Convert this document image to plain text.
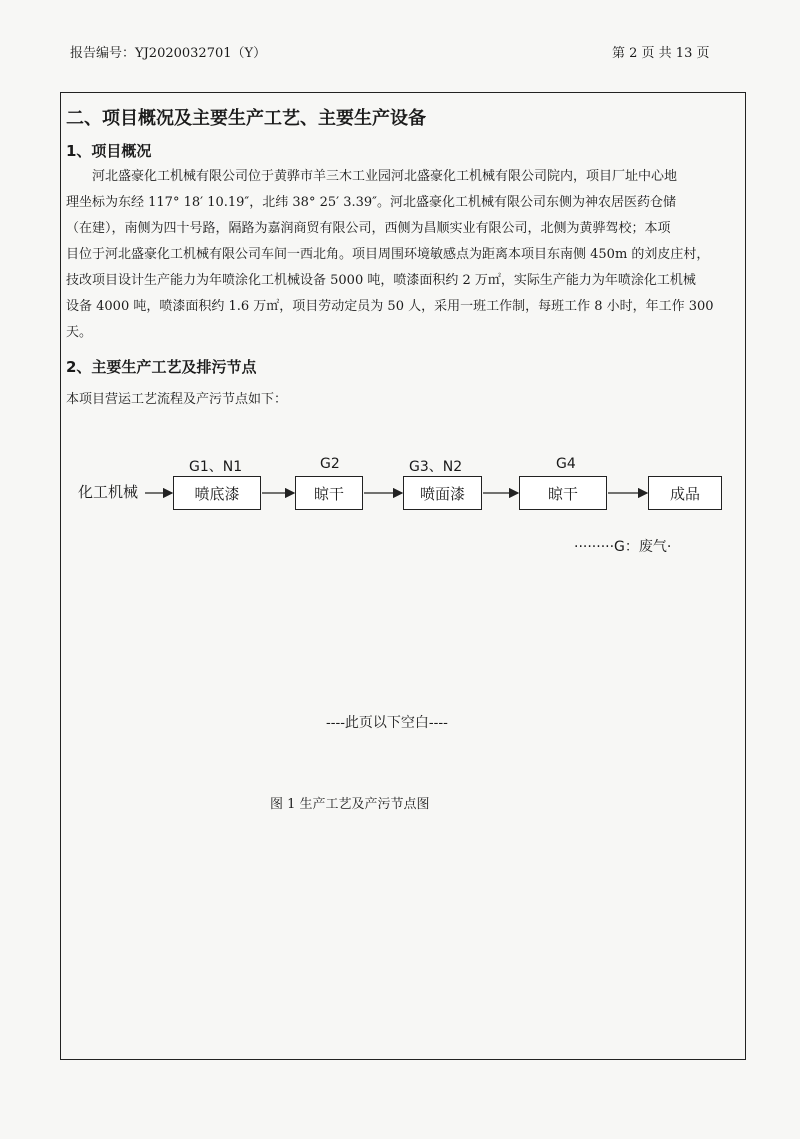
报告编号：YJ2020032701（Y）	第 2 页 共 13 页
二、项目概况及主要生产工艺、主要生产设备
1、项目概况
河北盛豪化工机械有限公司位于黄骅市羊三木工业园河北盛豪化工机械有限公司院内，项目厂址中心地
理坐标为东经 117° 18′ 10.19″，北纬 38° 25′ 3.39″。河北盛豪化工机械有限公司东侧为神农居医药仓储
（在建），南侧为四十号路，隔路为嘉润商贸有限公司，西侧为昌顺实业有限公司，北侧为黄骅驾校；本项
目位于河北盛豪化工机械有限公司车间一西北角。项目周围环境敏感点为距离本项目东南侧 450m 的刘皮庄村，
技改项目设计生产能力为年喷涂化工机械设备 5000 吨，喷漆面积约 2 万㎡，实际生产能力为年喷涂化工机械
设备 4000 吨，喷漆面积约 1.6 万㎡，项目劳动定员为 50 人，采用一班工作制，每班工作 8 小时，年工作 300
天。
2、主要生产工艺及排污节点
本项目营运工艺流程及产污节点如下：
化工机械
G1、N1	G2	G3、N2	G4
喷底漆	晾干	喷面漆	晾干	成品
·········G：废气·
----此页以下空白----
图 1 生产工艺及产污节点图
